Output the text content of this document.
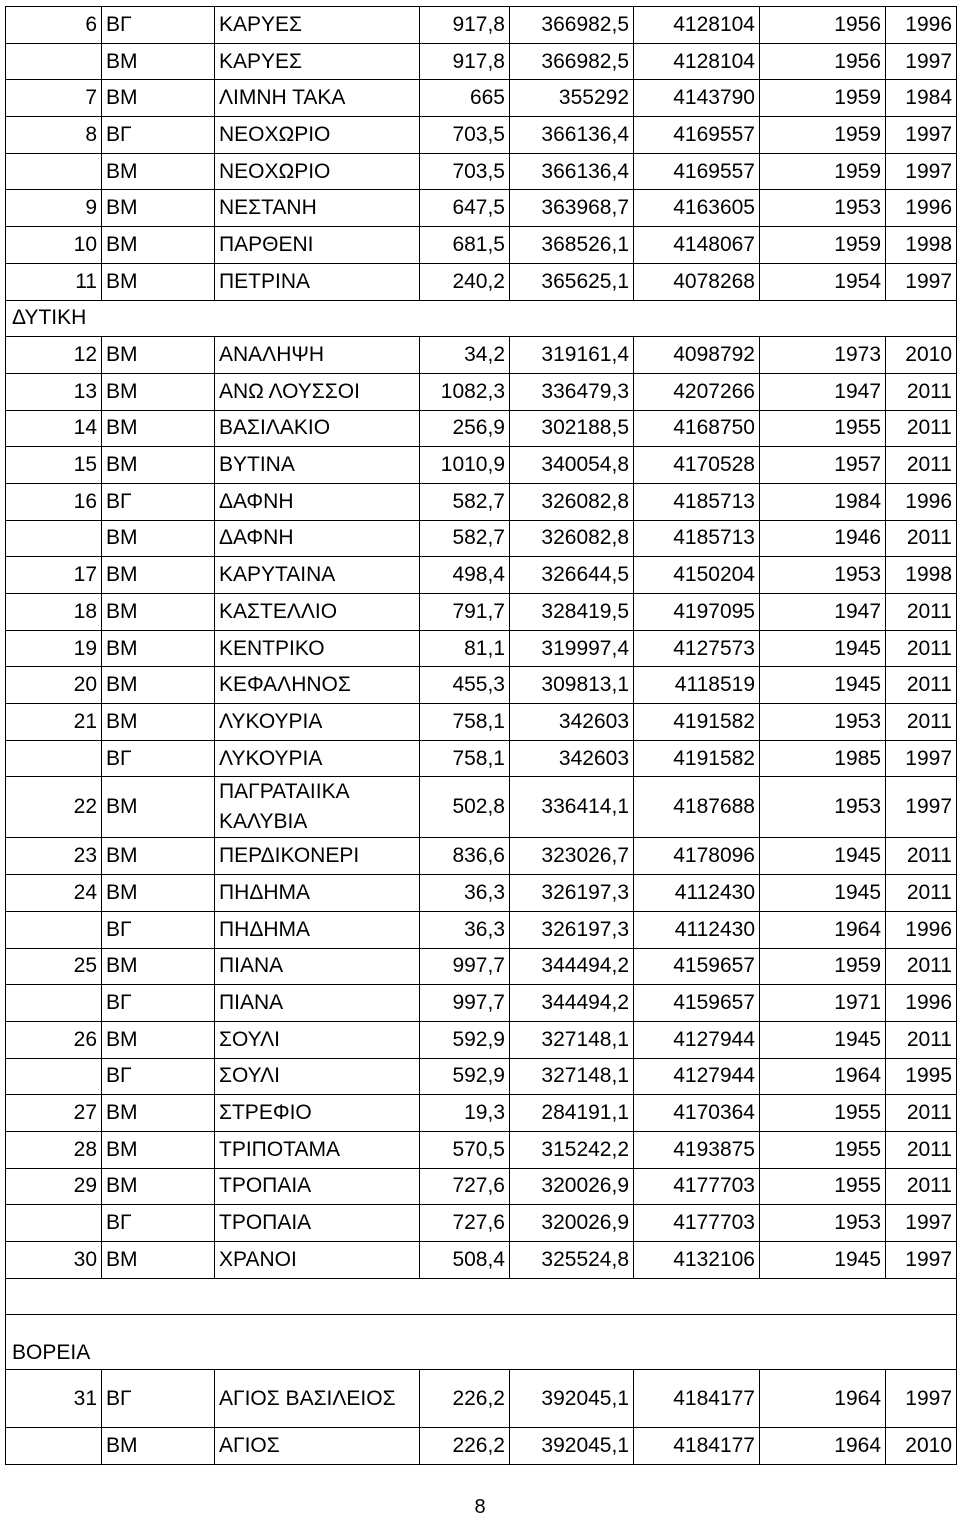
6	ΒΓ	ΚΑΡΥΕΣ	917,8	366982,5	4128104	1956	1996
	ΒΜ	ΚΑΡΥΕΣ	917,8	366982,5	4128104	1956	1997
7	ΒΜ	ΛΙΜΝΗ ΤΑΚΑ	665	355292	4143790	1959	1984
8	ΒΓ	ΝΕΟΧΩΡΙΟ	703,5	366136,4	4169557	1959	1997
	ΒΜ	ΝΕΟΧΩΡΙΟ	703,5	366136,4	4169557	1959	1997
9	ΒΜ	ΝΕΣΤΑΝΗ	647,5	363968,7	4163605	1953	1996
10	ΒΜ	ΠΑΡΘΕΝΙ	681,5	368526,1	4148067	1959	1998
11	ΒΜ	ΠΕΤΡΙΝΑ	240,2	365625,1	4078268	1954	1997
ΔΥΤΙΚΗ							
12	ΒΜ	ΑΝΑΛΗΨΗ	34,2	319161,4	4098792	1973	2010
13	ΒΜ	ΑΝΩ ΛΟΥΣΣΟΙ	1082,3	336479,3	4207266	1947	2011
14	ΒΜ	ΒΑΣΙΛΑΚΙΟ	256,9	302188,5	4168750	1955	2011
15	ΒΜ	ΒΥΤΙΝΑ	1010,9	340054,8	4170528	1957	2011
16	ΒΓ	ΔΑΦΝΗ	582,7	326082,8	4185713	1984	1996
	ΒΜ	ΔΑΦΝΗ	582,7	326082,8	4185713	1946	2011
17	ΒΜ	ΚΑΡΥΤΑΙΝΑ	498,4	326644,5	4150204	1953	1998
18	ΒΜ	ΚΑΣΤΕΛΛΙΟ	791,7	328419,5	4197095	1947	2011
19	ΒΜ	ΚΕΝΤΡΙΚΟ	81,1	319997,4	4127573	1945	2011
20	ΒΜ	ΚΕΦΑΛΗΝΟΣ	455,3	309813,1	4118519	1945	2011
21	ΒΜ	ΛΥΚΟΥΡΙΑ	758,1	342603	4191582	1953	2011
	ΒΓ	ΛΥΚΟΥΡΙΑ	758,1	342603	4191582	1985	1997
22	ΒΜ	ΠΑΓΡΑΤΑΙΙΚΑ ΚΑΛΥΒΙΑ	502,8	336414,1	4187688	1953	1997
23	ΒΜ	ΠΕΡΔΙΚΟΝΕΡΙ	836,6	323026,7	4178096	1945	2011
24	ΒΜ	ΠΗΔΗΜΑ	36,3	326197,3	4112430	1945	2011
	ΒΓ	ΠΗΔΗΜΑ	36,3	326197,3	4112430	1964	1996
25	ΒΜ	ΠΙΑΝΑ	997,7	344494,2	4159657	1959	2011
	ΒΓ	ΠΙΑΝΑ	997,7	344494,2	4159657	1971	1996
26	ΒΜ	ΣΟΥΛΙ	592,9	327148,1	4127944	1945	2011
	ΒΓ	ΣΟΥΛΙ	592,9	327148,1	4127944	1964	1995
27	ΒΜ	ΣΤΡΕΦΙΟ	19,3	284191,1	4170364	1955	2011
28	ΒΜ	ΤΡΙΠΟΤΑΜΑ	570,5	315242,2	4193875	1955	2011
29	ΒΜ	ΤΡΟΠΑΙΑ	727,6	320026,9	4177703	1955	2011
	ΒΓ	ΤΡΟΠΑΙΑ	727,6	320026,9	4177703	1953	1997
30	ΒΜ	ΧΡΑΝΟΙ	508,4	325524,8	4132106	1945	1997

ΒΟΡΕΙΑ							
31	ΒΓ	ΑΓΙΟΣ ΒΑΣΙΛΕΙΟΣ	226,2	392045,1	4184177	1964	1997
	ΒΜ	ΑΓΙΟΣ	226,2	392045,1	4184177	1964	2010
8
